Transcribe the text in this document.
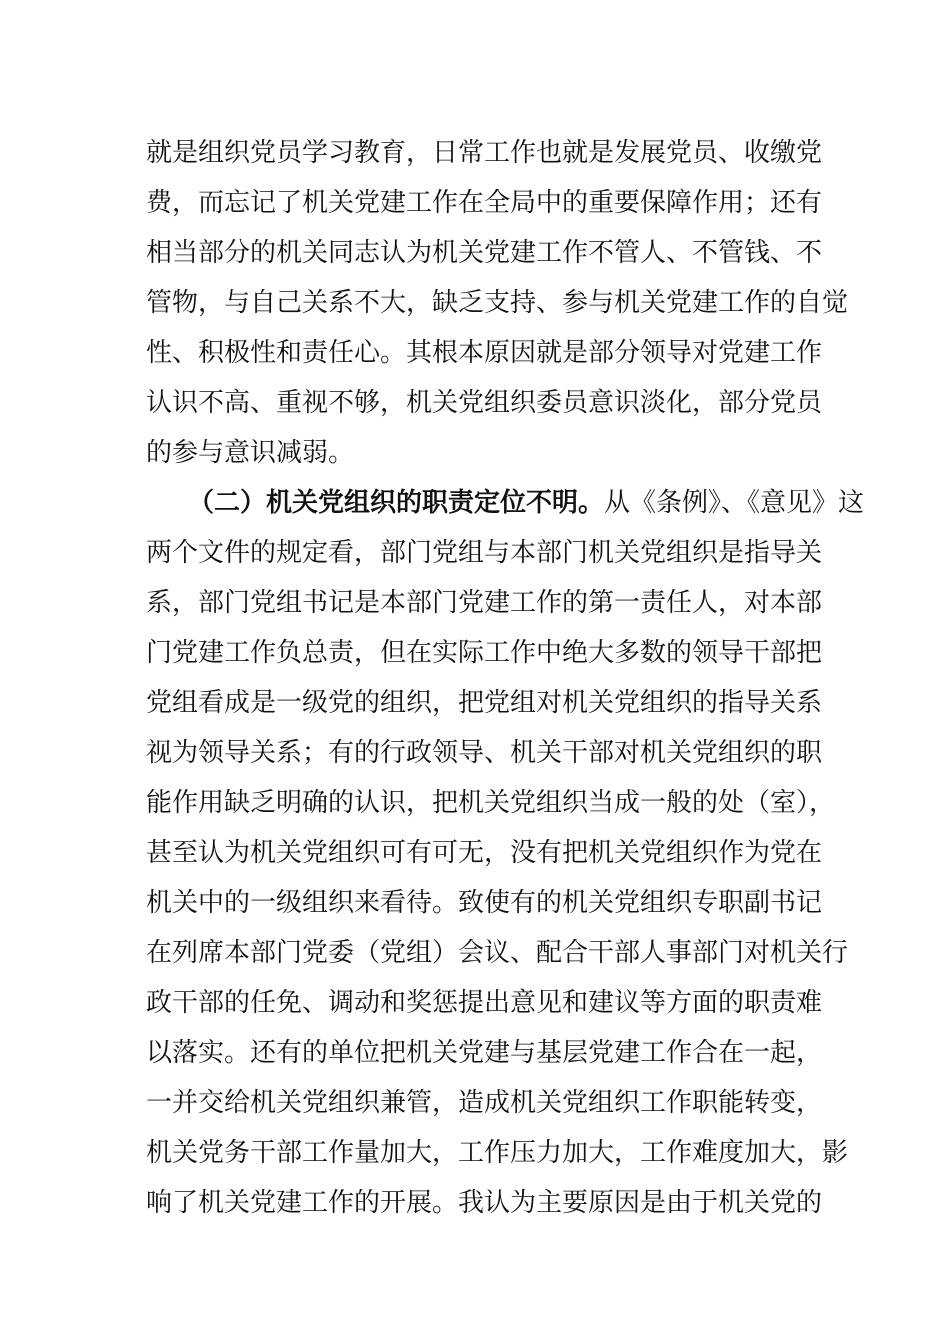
就是组织党员学习教育，日常工作也就是发展党员、收缴党
费，而忘记了机关党建工作在全局中的重要保障作用；还有
相当部分的机关同志认为机关党建工作不管人、不管钱、不
管物，与自己关系不大，缺乏支持、参与机关党建工作的自觉
性、积极性和责任心。其根本原因就是部分领导对党建工作
认识不高、重视不够，机关党组织委员意识淡化，部分党员
的参与意识减弱。
（二）机关党组织的职责定位不明。从《条例》、《意见》这
两个文件的规定看，部门党组与本部门机关党组织是指导关
系，部门党组书记是本部门党建工作的第一责任人，对本部
门党建工作负总责，但在实际工作中绝大多数的领导干部把
党组看成是一级党的组织，把党组对机关党组织的指导关系
视为领导关系；有的行政领导、机关干部对机关党组织的职
能作用缺乏明确的认识，把机关党组织当成一般的处（室），
甚至认为机关党组织可有可无，没有把机关党组织作为党在
机关中的一级组织来看待。致使有的机关党组织专职副书记
在列席本部门党委（党组）会议、配合干部人事部门对机关行
政干部的任免、调动和奖惩提出意见和建议等方面的职责难
以落实。还有的单位把机关党建与基层党建工作合在一起，
一并交给机关党组织兼管，造成机关党组织工作职能转变，
机关党务干部工作量加大，工作压力加大，工作难度加大，影
响了机关党建工作的开展。我认为主要原因是由于机关党的
